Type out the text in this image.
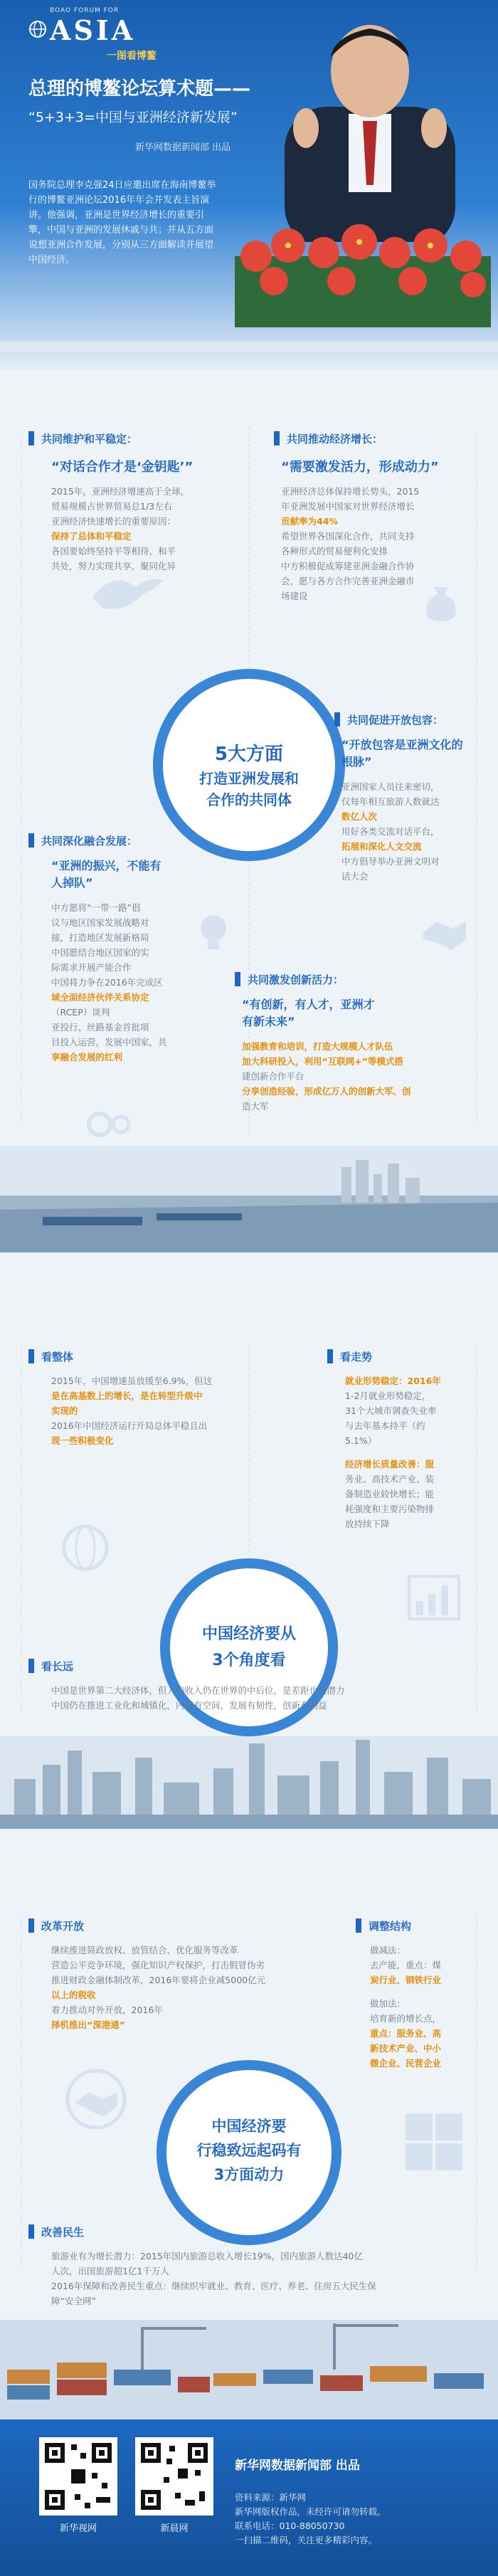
BOAO FORUM FOR
ASIA
一图看博鳌
总理的博鳌论坛算术题——
“5+3+3=中国与亚洲经济新发展”
新华网数据新闻部 出品
国务院总理李克强24日应邀出席在海南博鳌举行的博鳌亚洲论坛2016年年会并发表主旨演讲。他强调，亚洲是世界经济增长的重要引擎，中国与亚洲的发展休戚与共；并从五方面说想亚洲合作发展，分别从三方面解读并展望中国经济。
共同维护和平稳定：
“对话合作才是‘金钥匙’”
2015年，亚洲经济增速高于全球，
贸易规模占世界贸易总1/3左右
亚洲经济快速增长的重要原因：
保持了总体和平稳定
各国要始终坚持平等相待、和平
共处，努力实现共享、聚同化异
共同推动经济增长：
“需要激发活力，形成动力”
亚洲经济总体保持增长势头，2015
年亚洲发展中国家对世界经济增长
贡献率为44%
希望世界各国深化合作，共同支持
各种形式的贸易便利化安排
中方积极促成筹建亚洲金融合作协
会，愿与各方合作完善亚洲金融市
场建设
5大方面
打造亚洲发展和
合作的共同体
共同促进开放包容：
“开放包容是亚洲文化的根脉”
亚洲国家人员往来密切，
仅每年相互旅游人数就达
数亿人次
用好各类交流对话平台，
拓展和深化人文交流
中方倡导举办亚洲文明对
话大会
共同深化融合发展：
“亚洲的振兴，不能有人掉队”
中方愿将“一带一路”倡
议与地区国家发展战略对
接，打造地区发展新格局
中国愿结合地区国家的实
际需求开展产能合作
中国将力争在2016年完成区
域全面经济伙伴关系协定
（RCEP）谈判
亚投行、丝路基金首批项
目投入运营，发展中国家，共
享融合发展的红利
共同激发创新活力：
“有创新，有人才，亚洲才有新未来”
加强教育和培训，打造大规模人才队伍
加大科研投入，利用“互联网+”等模式搭
建创新合作平台
分享创造经验，形成亿万人的创新大军、创
造大军
看整体
2015年，中国增速虽放缓至6.9%，但这
是在高基数上的增长，是在转型升级中
实现的
2016年中国经济运行开局总体平稳且出
现一些积极变化
看走势
就业形势稳定：2016年
1-2月就业形势稳定，
31个大城市调查失业率
与去年基本持平（约
5.1%）
经济增长质量改善：服
务业、高技术产业、装
备制造业较快增长；能
耗强度和主要污染物排
放持续下降
中国经济要从
3个角度看
看长远
中国是世界第二大经济体，但人均收入仍在世界的中后位，是差距也是潜力
中国仍在推进工业化和城镇化，内需有空间，发展有韧性，创新有利益
改革开放
继续推进简政放权、放管结合、优化服务等改革
营造公平竞争环境，强化知识产权保护，打击假冒伪劣
推进财政金融体制改革，2016年要将企业减5000亿元
以上的税收
着力推动对外开放，2016年
择机推出“深港通”
调整结构
做减法：
去产能，重点：煤
炭行业、钢铁行业
做加法：
培育新的增长点，
重点：服务业、高
新技术产业、中小
微企业、民营企业
中国经济要
行稳致远起码有
3方面动力
改善民生
旅游业有为增长潜力：2015年国内旅游总收入增长19%，国内旅游人数达40亿
人次，出国旅游超1亿1千万人
2016年保障和改善民生重点：继续织牢就业、教育、医疗、养老、住房五大民生保
障“安全网”
新华视网	新晨网
新华网数据新闻部 出品
资料来源：新华网
新华网版权作品，未经许可请勿转载。
联系电话：010-88050730
一扫描二维码，关注更多精彩内容。
